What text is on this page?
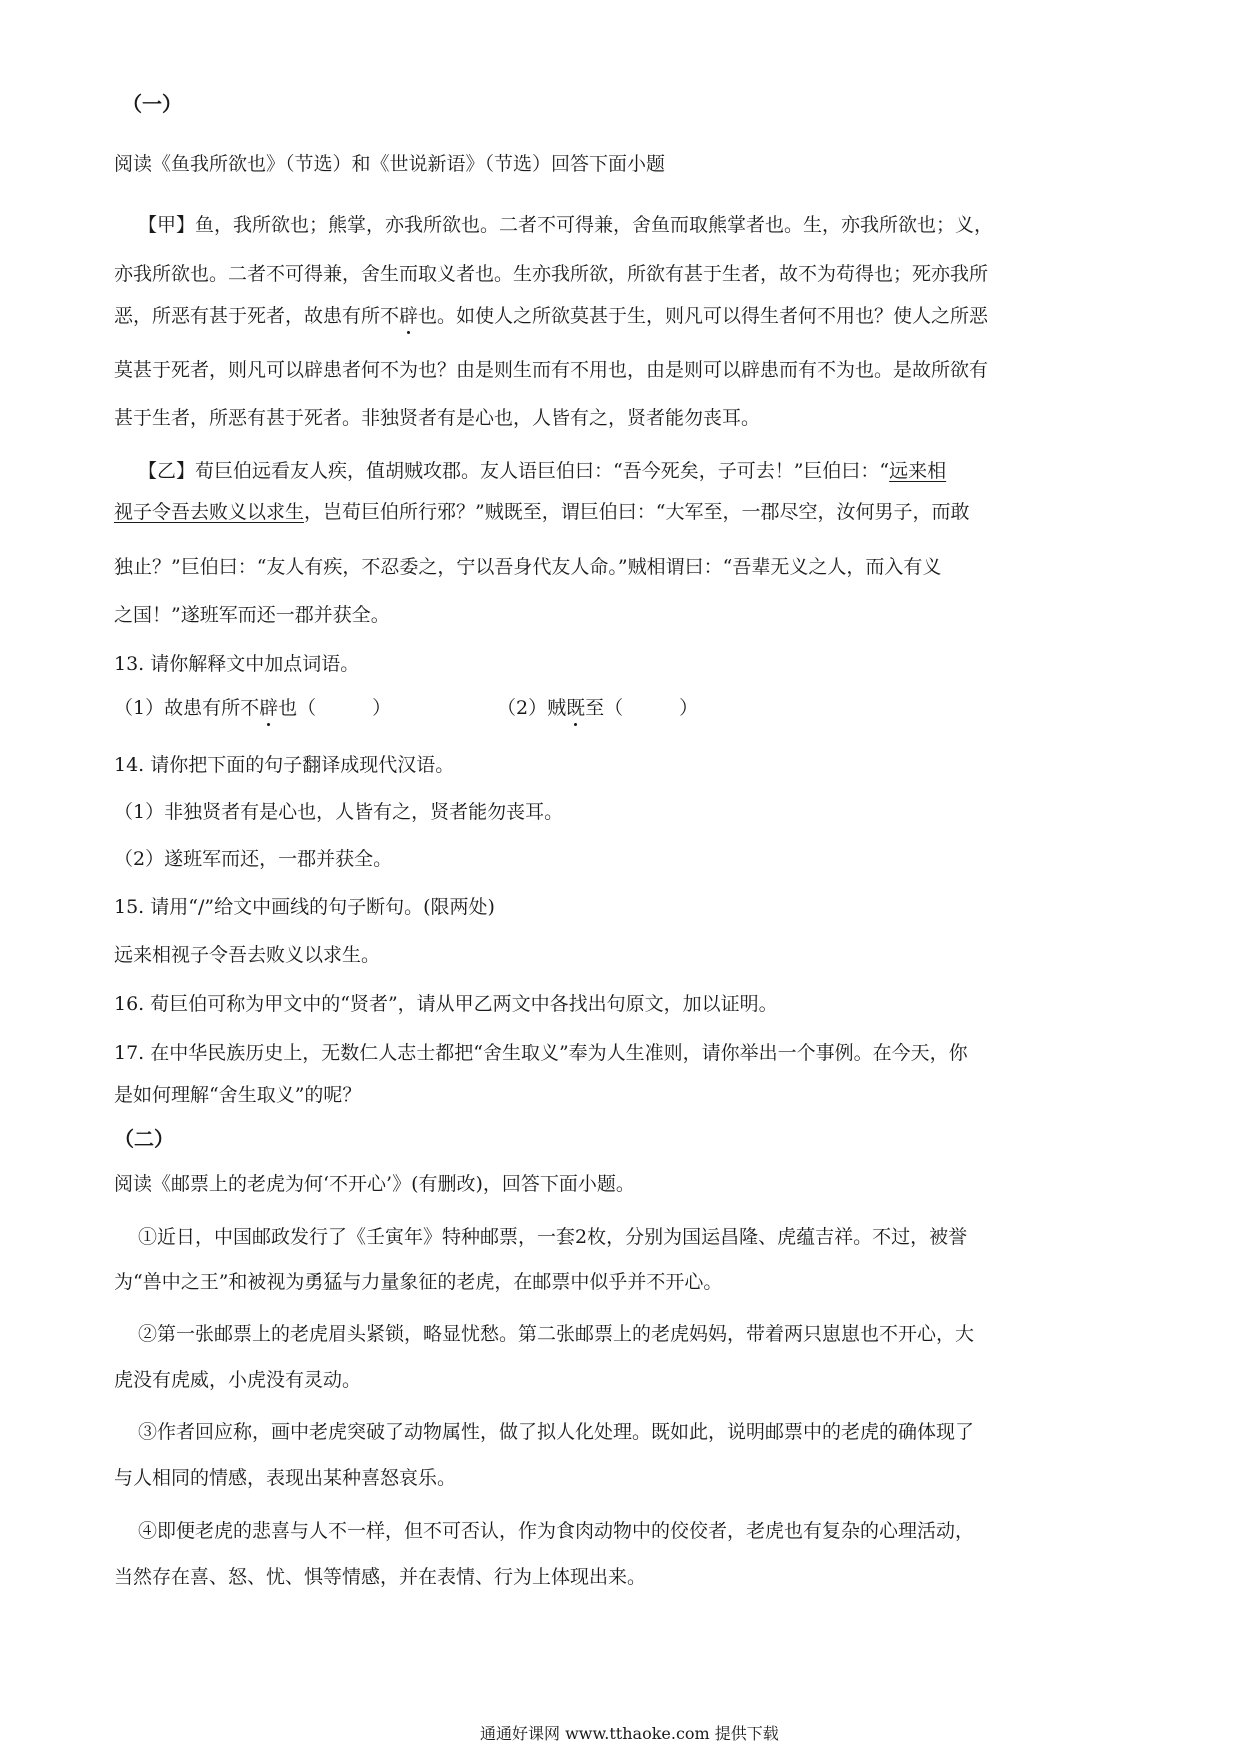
（一）
阅读《鱼我所欲也》（节选）和《世说新语》（节选）回答下面小题
【甲】鱼，我所欲也；熊掌，亦我所欲也。二者不可得兼，舍鱼而取熊掌者也。生，亦我所欲也；义，
亦我所欲也。二者不可得兼，舍生而取义者也。生亦我所欲，所欲有甚于生者，故不为苟得也；死亦我所
恶，所恶有甚于死者，故患有所不辟也。如使人之所欲莫甚于生，则凡可以得生者何不用也？使人之所恶
莫甚于死者，则凡可以辟患者何不为也？由是则生而有不用也，由是则可以辟患而有不为也。是故所欲有
甚于生者，所恶有甚于死者。非独贤者有是心也，人皆有之，贤者能勿丧耳。
【乙】荀巨伯远看友人疾，值胡贼攻郡。友人语巨伯曰：“吾今死矣，子可去！”巨伯曰：“远来相
视子令吾去败义以求生，岂荀巨伯所行邪？”贼既至，谓巨伯曰：“大军至，一郡尽空，汝何男子，而敢
独止？”巨伯曰：“友人有疾，不忍委之，宁以吾身代友人命。”贼相谓曰：“吾辈无义之人，而入有义
之国！”遂班军而还一郡并获全。
13. 请你解释文中加点词语。
（1）故患有所不辟也（	）	（2）贼既至（	）
14. 请你把下面的句子翻译成现代汉语。
（1）非独贤者有是心也，人皆有之，贤者能勿丧耳。
（2）遂班军而还，一郡并获全。
15. 请用“/”给文中画线的句子断句。(限两处)
远来相视子令吾去败义以求生。
16. 荀巨伯可称为甲文中的“贤者”，请从甲乙两文中各找出句原文，加以证明。
17. 在中华民族历史上，无数仁人志士都把“舍生取义”奉为人生准则，请你举出一个事例。在今天，你
是如何理解“舍生取义”的呢？
（二）
阅读《邮票上的老虎为何‘不开心’》(有删改)，回答下面小题。
①近日，中国邮政发行了《壬寅年》特种邮票，一套2枚，分别为国运昌隆、虎蕴吉祥。不过，被誉
为“兽中之王”和被视为勇猛与力量象征的老虎，在邮票中似乎并不开心。
②第一张邮票上的老虎眉头紧锁，略显忧愁。第二张邮票上的老虎妈妈，带着两只崽崽也不开心，大
虎没有虎威，小虎没有灵动。
③作者回应称，画中老虎突破了动物属性，做了拟人化处理。既如此，说明邮票中的老虎的确体现了
与人相同的情感，表现出某种喜怒哀乐。
④即便老虎的悲喜与人不一样，但不可否认，作为食肉动物中的佼佼者，老虎也有复杂的心理活动，
当然存在喜、怒、忧、惧等情感，并在表情、行为上体现出来。
通通好课网 www.tthaoke.com 提供下载
